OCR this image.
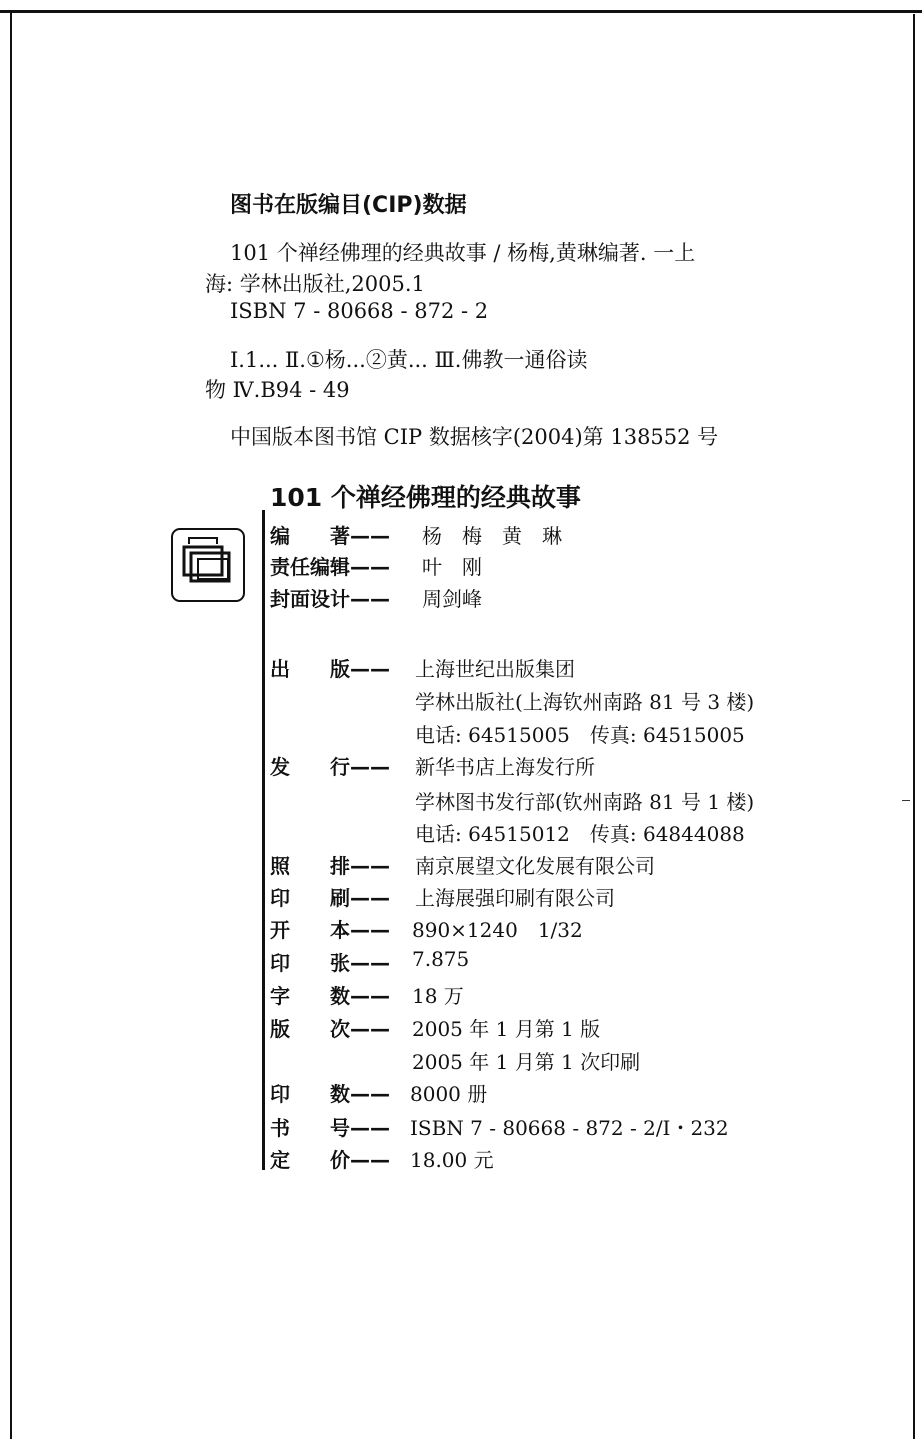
图书在版编目(CIP)数据
101 个禅经佛理的经典故事 / 杨梅,黄琳编著. 一上
海: 学林出版社,2005.1
ISBN 7 - 80668 - 872 - 2
Ⅰ.1... Ⅱ.①杨...②黄... Ⅲ.佛教一通俗读
物 Ⅳ.B94 - 49
中国版本图书馆 CIP 数据核字(2004)第 138552 号
101 个禅经佛理的经典故事
编　　著—— 杨　梅　黄　琳
责任编辑—— 叶　刚
封面设计—— 周剑峰
出　　版—— 上海世纪出版集团
学林出版社(上海钦州南路 81 号 3 楼)
电话: 64515005　传真: 64515005
发　　行—— 新华书店上海发行所
学林图书发行部(钦州南路 81 号 1 楼)
电话: 64515012　传真: 64844088
照　　排—— 南京展望文化发展有限公司
印　　刷—— 上海展强印刷有限公司
开　　本—— 890×1240　1/32
印　　张—— 7.875
字　　数—— 18 万
版　　次—— 2005 年 1 月第 1 版
2005 年 1 月第 1 次印刷
印　　数—— 8000 册
书　　号—— ISBN 7 - 80668 - 872 - 2/I・232
定　　价—— 18.00 元
